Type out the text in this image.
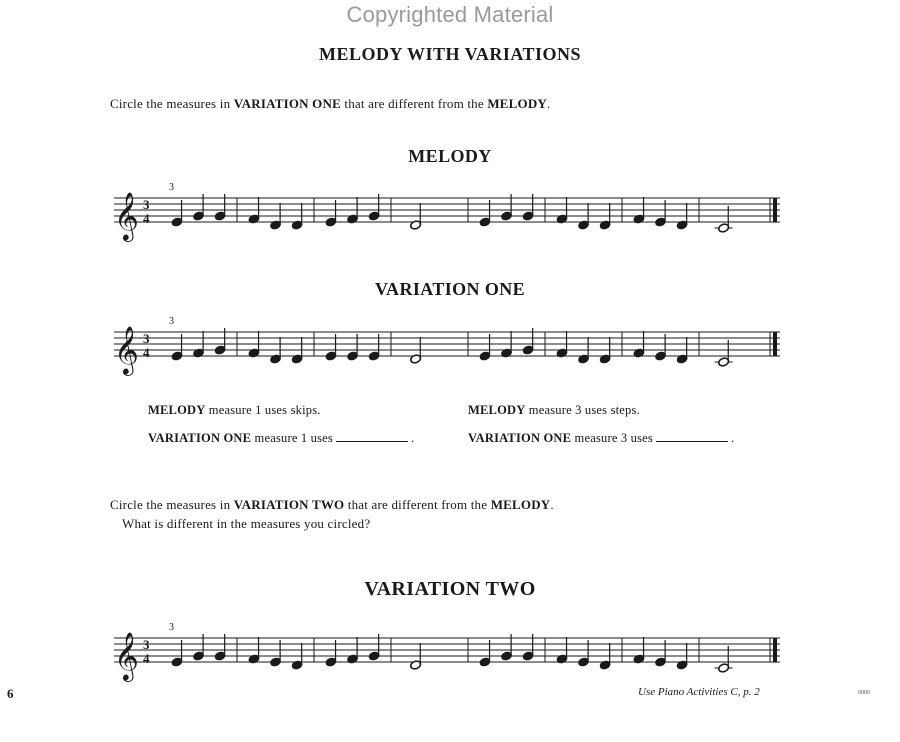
Copyrighted Material
MELODY WITH VARIATIONS
Circle the measures in VARIATION ONE that are different from the MELODY.
MELODY
𝄞 3
4
3
VARIATION ONE
𝄞 3
4
3
MELODY measure 1 uses skips.	MELODY measure 3 uses steps.
VARIATION ONE measure 1 uses	.	VARIATION ONE measure 3 uses	.
Circle the measures in VARIATION TWO that are different from the MELODY.
What is different in the measures you circled?
VARIATION TWO
𝄞 3
4
3
6	Use Piano Activities C, p. 2	0000
